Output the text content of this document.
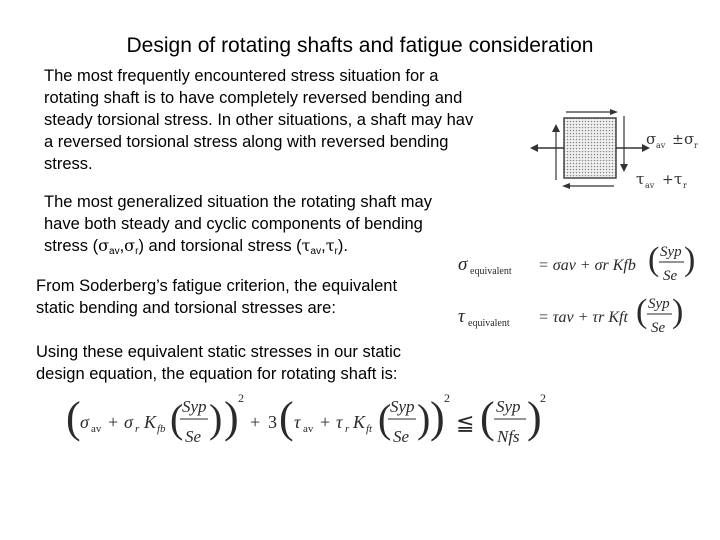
Design of rotating shafts and fatigue consideration
The most frequently encountered stress situation for a
rotating shaft is to have completely reversed bending and
steady torsional stress. In other situations, a shaft may hav
a reversed torsional stress along with reversed bending
stress.
The most generalized situation the rotating shaft may
have both steady and cyclic components of bending
stress $(\sigma_{av},\sigma_r)$ and torsional stress $(\tau_{av},\tau_r)$.
From Soderberg’s fatigue criterion, the equivalent
static bending and torsional stresses are:
Using these equivalent static stresses in our static
design equation, the equation for rotating shaft is:
σ av ± σ r
τ av + τ r
σ equivalent = σav + σr Kfb ( Syp
Se )
τ equivalent = τav + τr Kft ( Syp
Se )
( σ av + σ r K fb (
Syp
Se ) ) 2
+ 3 ( τ av + τ r K ft (
Syp
Se ) ) 2
≦ ( Syp
Nfs )
2
